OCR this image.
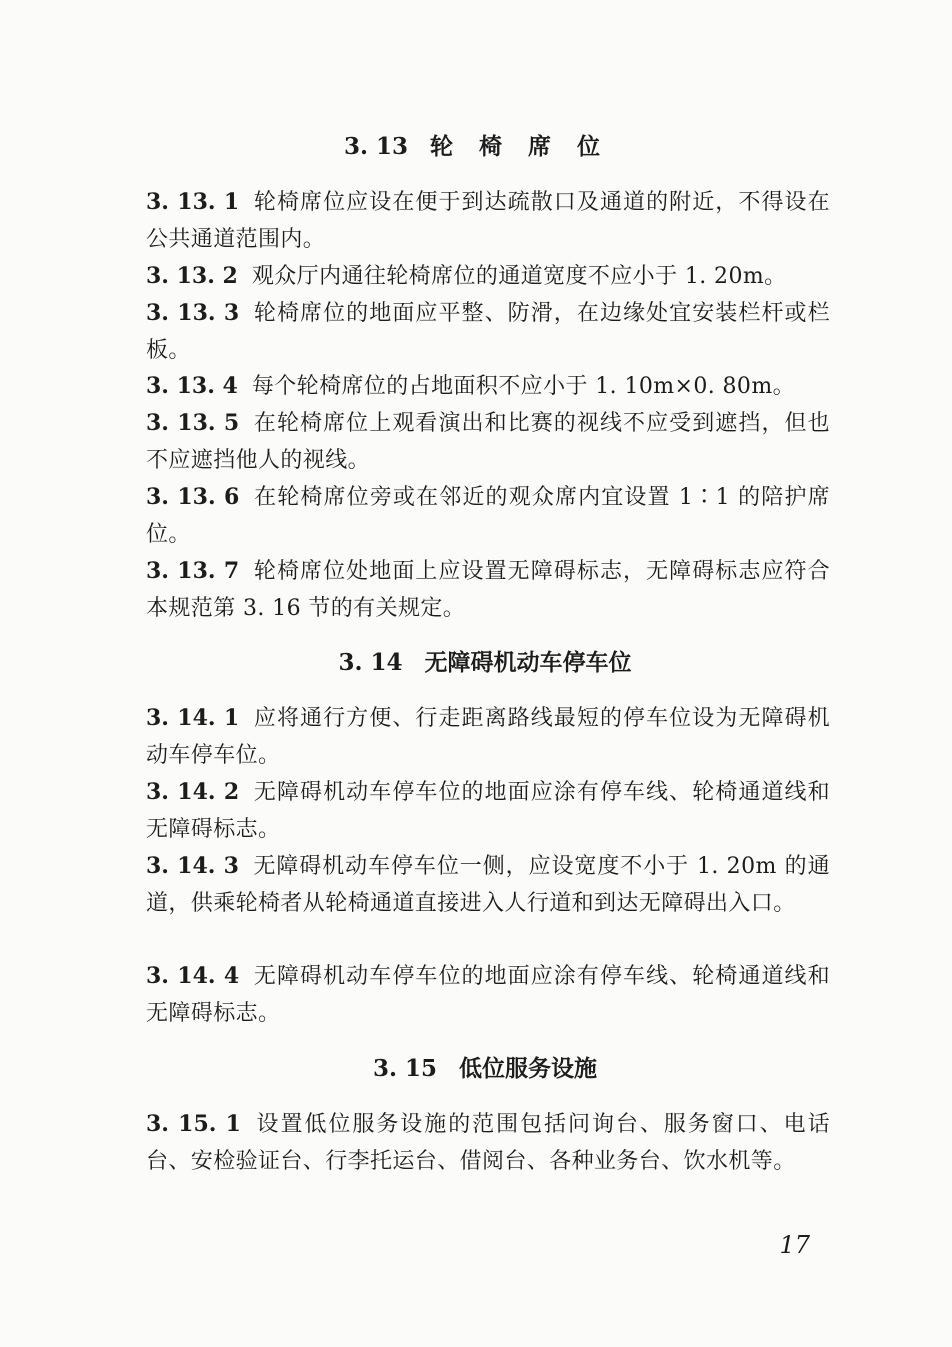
3. 13 轮椅席位
3. 13. 1 轮椅席位应设在便于到达疏散口及通道的附近，不得设在公共通道范围内。
3. 13. 2 观众厅内通往轮椅席位的通道宽度不应小于 1. 20m。
3. 13. 3 轮椅席位的地面应平整、防滑，在边缘处宜安装栏杆或栏板。
3. 13. 4 每个轮椅席位的占地面积不应小于 1. 10m×0. 80m。
3. 13. 5 在轮椅席位上观看演出和比赛的视线不应受到遮挡，但也不应遮挡他人的视线。
3. 13. 6 在轮椅席位旁或在邻近的观众席内宜设置 1∶1 的陪护席位。
3. 13. 7 轮椅席位处地面上应设置无障碍标志，无障碍标志应符合本规范第 3. 16 节的有关规定。
3. 14 无障碍机动车停车位
3. 14. 1 应将通行方便、行走距离路线最短的停车位设为无障碍机动车停车位。
3. 14. 2 无障碍机动车停车位的地面应涂有停车线、轮椅通道线和无障碍标志。
3. 14. 3 无障碍机动车停车位一侧，应设宽度不小于 1. 20m 的通道，供乘轮椅者从轮椅通道直接进入人行道和到达无障碍出入口。
3. 14. 4 无障碍机动车停车位的地面应涂有停车线、轮椅通道线和无障碍标志。
3. 15 低位服务设施
3. 15. 1 设置低位服务设施的范围包括问询台、服务窗口、电话台、安检验证台、行李托运台、借阅台、各种业务台、饮水机等。
17
